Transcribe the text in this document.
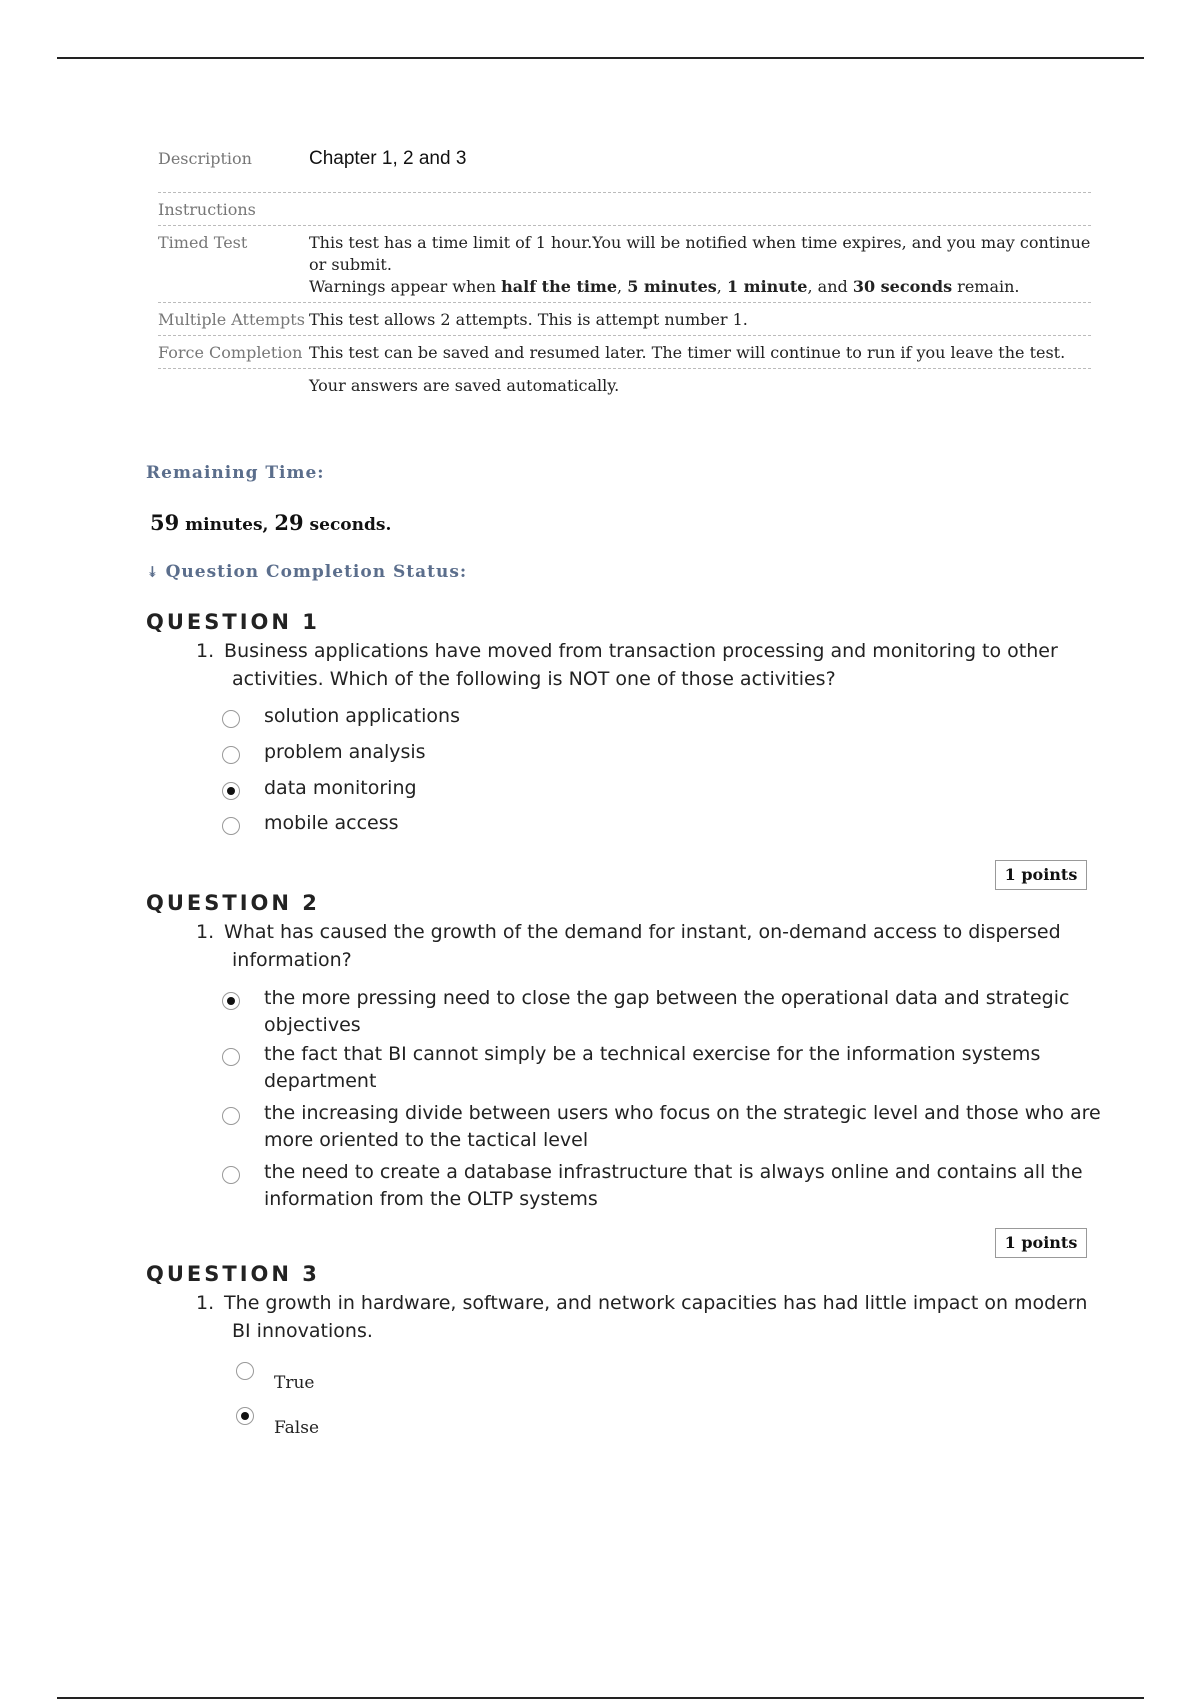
Description	Chapter 1, 2 and 3
Instructions
Timed Test	This test has a time limit of 1 hour.You will be notified when time expires, and you may continue or submit.
Warnings appear when half the time, 5 minutes, 1 minute, and 30 seconds remain.
Multiple Attempts This test allows 2 attempts. This is attempt number 1.
Force Completion This test can be saved and resumed later. The timer will continue to run if you leave the test.
Your answers are saved automatically.
Remaining Time:
59 minutes, 29 seconds.
↡ Question Completion Status:
QUESTION 1
1. Business applications have moved from transaction processing and monitoring to other
activities. Which of the following is NOT one of those activities?
solution applications
problem analysis
data monitoring
mobile access
1 points
QUESTION 2
1. What has caused the growth of the demand for instant, on-demand access to dispersed
information?
the more pressing need to close the gap between the operational data and strategic objectives
the fact that BI cannot simply be a technical exercise for the information systems department
the increasing divide between users who focus on the strategic level and those who are more oriented to the tactical level
the need to create a database infrastructure that is always online and contains all the information from the OLTP systems
1 points
QUESTION 3
1. The growth in hardware, software, and network capacities has had little impact on modern
BI innovations.
True
False
